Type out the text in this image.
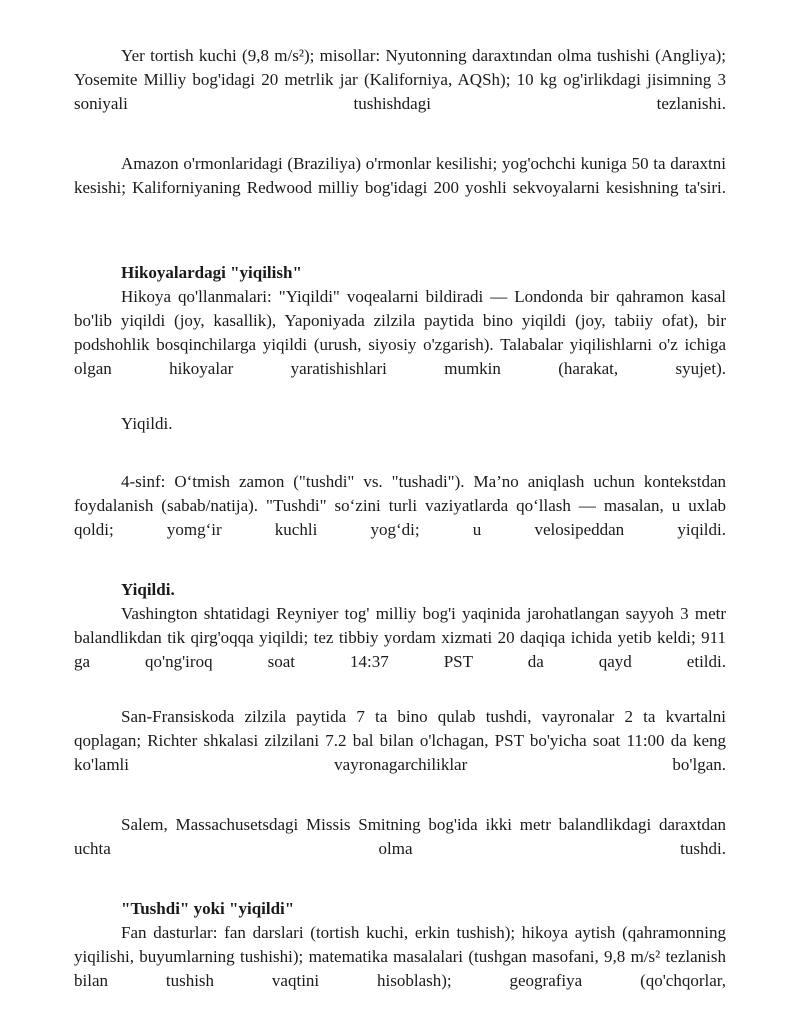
Yer tortish kuchi (9,8 m/s²); misollar: Nyutonning daraxtından olma tushishi (Angliya); Yosemite Milliy bog'idagi 20 metrlik jar (Kaliforniya, AQSh); 10 kg og'irlikdagi jisimning 3 soniyali tushishdagi tezlanishi.

Amazon o'rmonlaridagi (Braziliya) o'rmonlar kesilishi; yog'ochchi kuniga 50 ta daraxtni kesishi; Kaliforniyaning Redwood milliy bog'idagi 200 yoshli sekvoyalarni kesishning ta'siri.

Hikoyalardagi "yiqilish"

Hikoya qo'llanmalari: "Yiqildi" voqealarni bildiradi — Londonda bir qahramon kasal bo'lib yiqildi (joy, kasallik), Yaponiyada zilzila paytida bino yiqildi (joy, tabiiy ofat), bir podshohlik bosqinchilarga yiqildi (urush, siyosiy o'zgarish). Talabalar yiqilishlarni o'z ichiga olgan hikoyalar yaratishishlari mumkin (harakat, syujet).

Yiqildi.

4-sinf: O‘tmish zamon ("tushdi" vs. "tushadi"). Ma’no aniqlash uchun kontekstdan foydalanish (sabab/natija). "Tushdi" so‘zini turli vaziyatlarda qo‘llash — masalan, u uxlab qoldi; yomg‘ir kuchli yog‘di; u velosipeddan yiqildi.

Yiqildi.

Vashington shtatidagi Reyniyer tog' milliy bog'i yaqinida jarohatlangan sayyoh 3 metr balandlikdan tik qirg'oqqa yiqildi; tez tibbiy yordam xizmati 20 daqiqa ichida yetib keldi; 911 ga qo'ng'iroq soat 14:37 PST da qayd etildi.

San-Fransiskoda zilzila paytida 7 ta bino qulab tushdi, vayronalar 2 ta kvartalni qoplagan; Richter shkalasi zilzilani 7.2 bal bilan o'lchagan, PST bo'yicha soat 11:00 da keng ko'lamli vayronagarchiliklar bo'lgan.

Salem, Massachusetsdagi Missis Smitning bog'ida ikki metr balandlikdagi daraxtdan uchta olma tushdi.

"Tushdi" yoki "yiqildi"

Fan dasturlar: fan darslari (tortish kuchi, erkin tushish); hikoya aytish (qahramonning yiqilishi, buyumlarning tushishi); matematika masalalari (tushgan masofani, 9,8 m/s² tezlanish bilan tushish vaqtini hisoblash); geografiya (qo'chqorlar,
